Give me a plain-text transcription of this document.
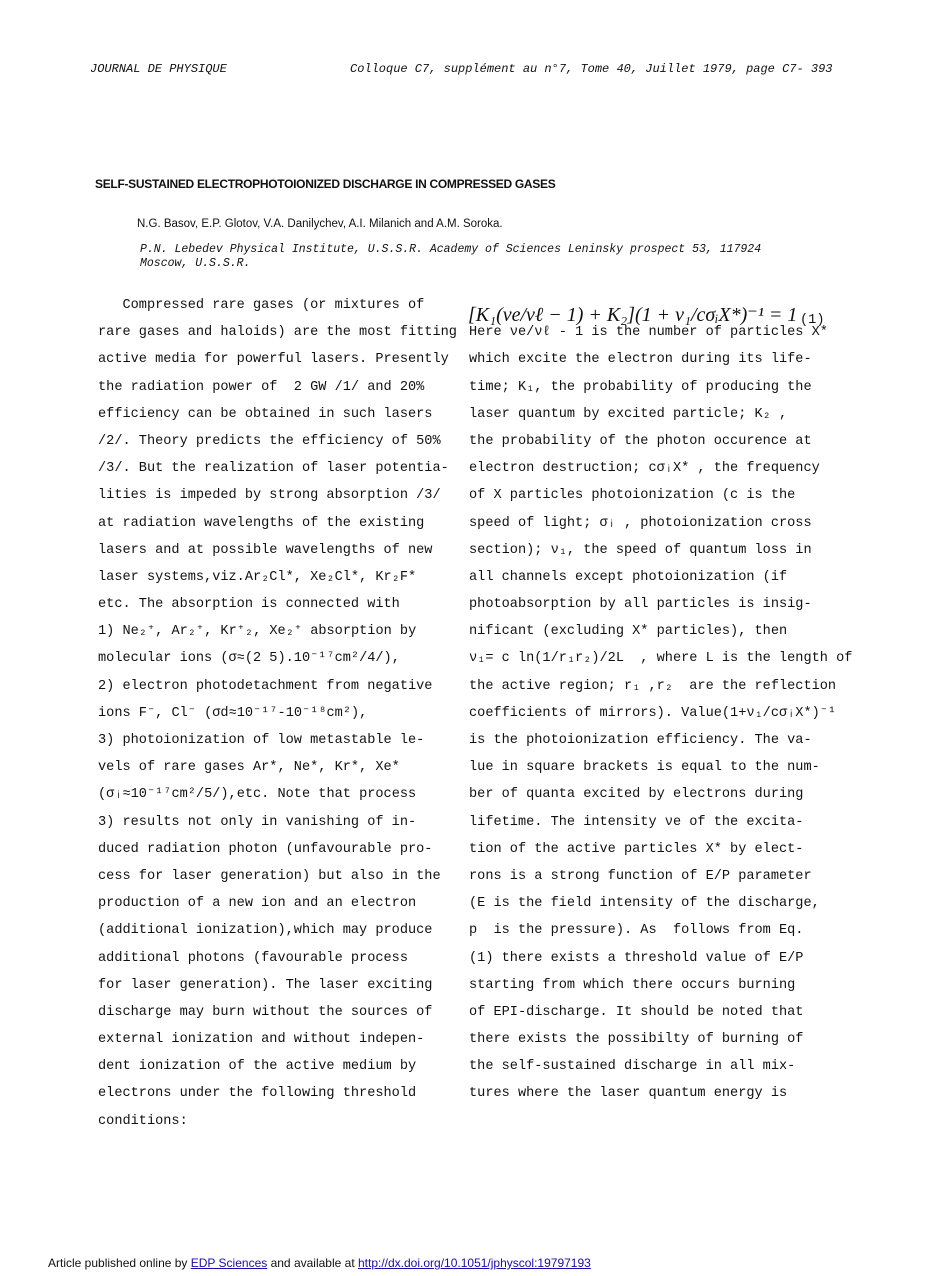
JOURNAL DE PHYSIQUE	Colloque C7, supplément au n°7, Tome 40, Juillet 1979, page C7- 393
SELF-SUSTAINED ELECTROPHOTOIONIZED DISCHARGE IN COMPRESSED GASES
N.G. Basov, E.P. Glotov, V.A. Danilychev, A.I. Milanich and A.M. Soroka.
P.N. Lebedev Physical Institute, U.S.S.R. Academy of Sciences Leninsky prospect 53, 117924 Moscow, U.S.S.R.
[K₁(νe/νℓ − 1) + K₂](1 + ν₁/cσᵢX*)⁻¹ = 1 (1)
Compressed rare gases (or mixtures of
rare gases and haloids) are the most fitting
active media for powerful lasers. Presently
the radiation power of  2 GW /1/ and 20%
efficiency can be obtained in such lasers
/2/. Theory predicts the efficiency of 50%
/3/. But the realization of laser potentia-
lities is impeded by strong absorption /3/
at radiation wavelengths of the existing
lasers and at possible wavelengths of new
laser systems,viz.Ar₂Cl*, Xe₂Cl*, Kr₂F*
etc. The absorption is connected with
1) Ne₂⁺, Ar₂⁺, Kr⁺₂, Xe₂⁺ absorption by
molecular ions (σ≈(2 5).10⁻¹⁷cm²/4/),
2) electron photodetachment from negative
ions F⁻, Cl⁻ (σd≈10⁻¹⁷-10⁻¹⁸cm²),
3) photoionization of low metastable le-
vels of rare gases Ar*, Ne*, Kr*, Xe*
(σᵢ≈10⁻¹⁷cm²/5/),etc. Note that process
3) results not only in vanishing of in-
duced radiation photon (unfavourable pro-
cess for laser generation) but also in the
production of a new ion and an electron
(additional ionization),which may produce
additional photons (favourable process
for laser generation). The laser exciting
discharge may burn without the sources of
external ionization and without indepen-
dent ionization of the active medium by
electrons under the following threshold
conditions:
Here νe/νℓ - 1 is the number of particles X*
which excite the electron during its life-
time; K₁, the probability of producing the
laser quantum by excited particle; K₂ ,
the probability of the photon occurence at
electron destruction; cσᵢX* , the frequency
of X particles photoionization (c is the
speed of light; σᵢ , photoionization cross
section); ν₁, the speed of quantum loss in
all channels except photoionization (if
photoabsorption by all particles is insig-
nificant (excluding X* particles), then
ν₁= c ln(1/r₁r₂)/2L  , where L is the length of
the active region; r₁ ,r₂  are the reflection
coefficients of mirrors). Value(1+ν₁/cσᵢX*)⁻¹
is the photoionization efficiency. The va-
lue in square brackets is equal to the num-
ber of quanta excited by electrons during
lifetime. The intensity νe of the excita-
tion of the active particles X* by elect-
rons is a strong function of E/P parameter
(E is the field intensity of the discharge,
p  is the pressure). As  follows from Eq.
(1) there exists a threshold value of E/P
starting from which there occurs burning
of EPI-discharge. It should be noted that
there exists the possibilty of burning of
the self-sustained discharge in all mix-
tures where the laser quantum energy is
Article published online by EDP Sciences and available at http://dx.doi.org/10.1051/jphyscol:19797193
